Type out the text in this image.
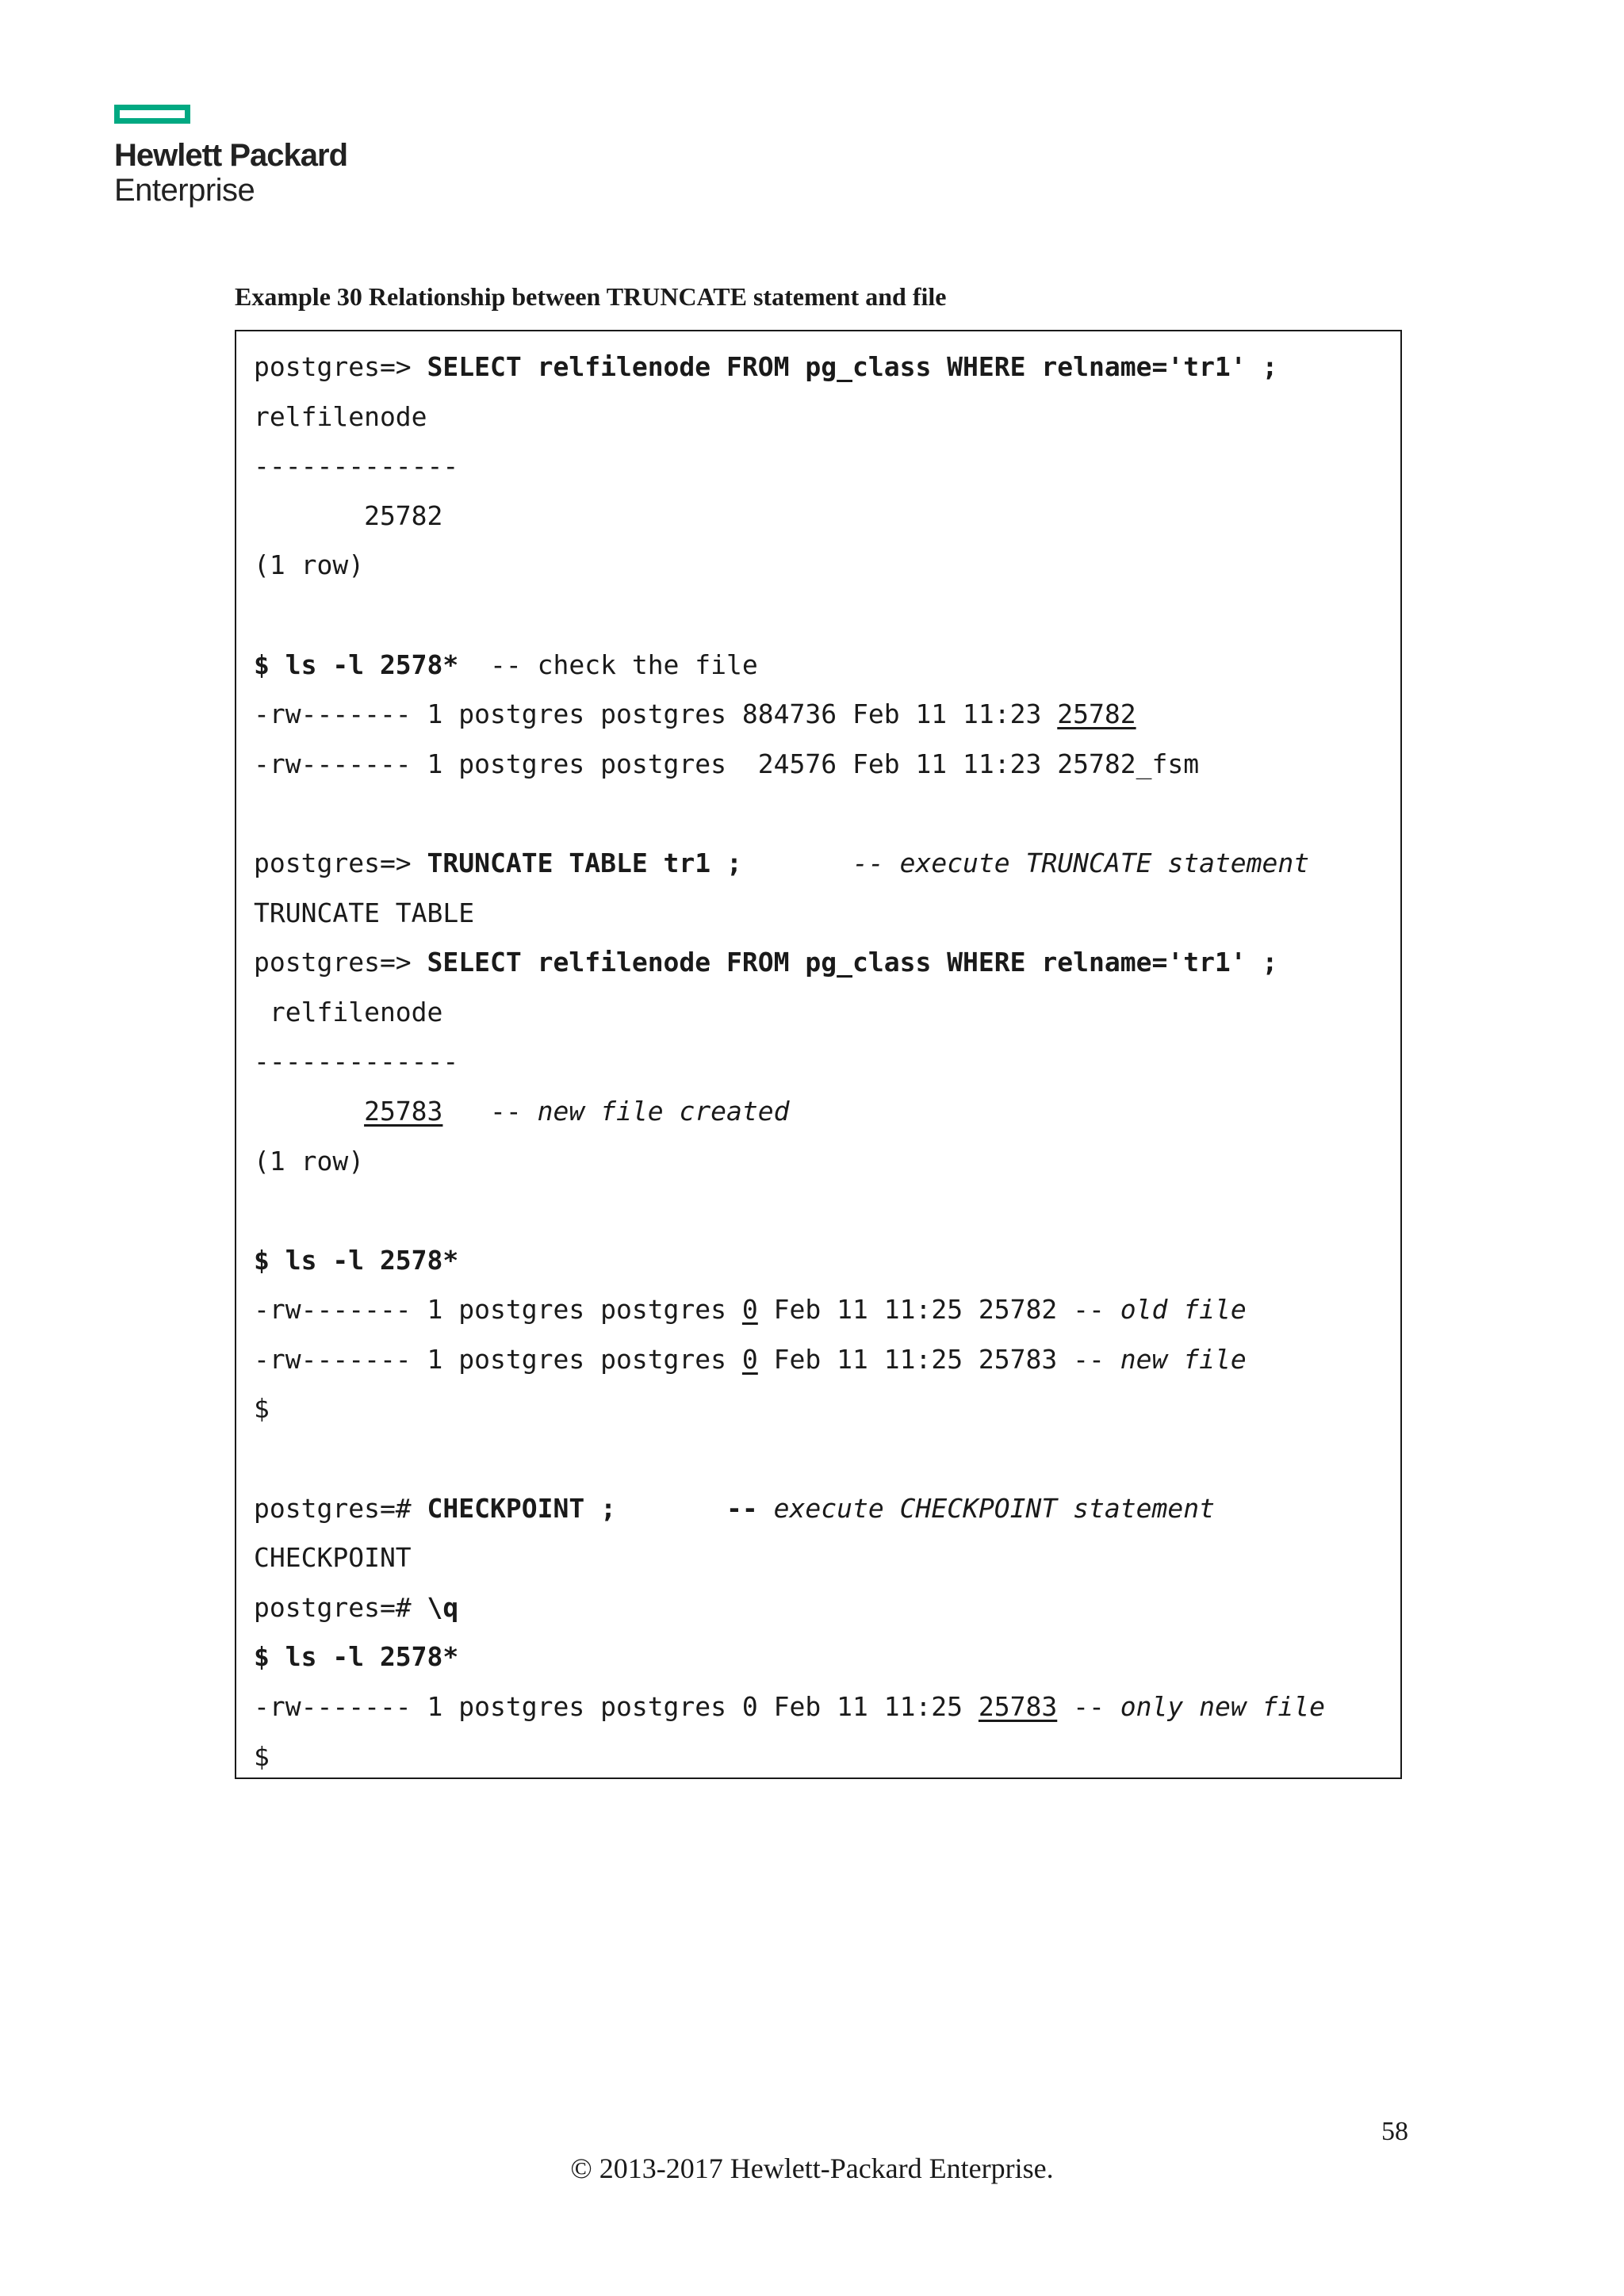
Hewlett Packard
Enterprise
Example 30 Relationship between TRUNCATE statement and file
postgres=> SELECT relfilenode FROM pg_class WHERE relname='tr1' ;
relfilenode
-------------
25782
(1 row)
$ ls -l 2578*  -- check the file
-rw------- 1 postgres postgres 884736 Feb 11 11:23 25782
-rw------- 1 postgres postgres  24576 Feb 11 11:23 25782_fsm
postgres=> TRUNCATE TABLE tr1 ;	-- execute TRUNCATE statement
TRUNCATE TABLE
postgres=> SELECT relfilenode FROM pg_class WHERE relname='tr1' ;
relfilenode
-------------
25783   -- new file created
(1 row)
$ ls -l 2578*
-rw------- 1 postgres postgres 0 Feb 11 11:25 25782 -- old file
-rw------- 1 postgres postgres 0 Feb 11 11:25 25783 -- new file
$
postgres=# CHECKPOINT ;	-- execute CHECKPOINT statement
CHECKPOINT
postgres=# \q
$ ls -l 2578*
-rw------- 1 postgres postgres 0 Feb 11 11:25 25783 -- only new file
$
58
© 2013-2017 Hewlett-Packard Enterprise.
